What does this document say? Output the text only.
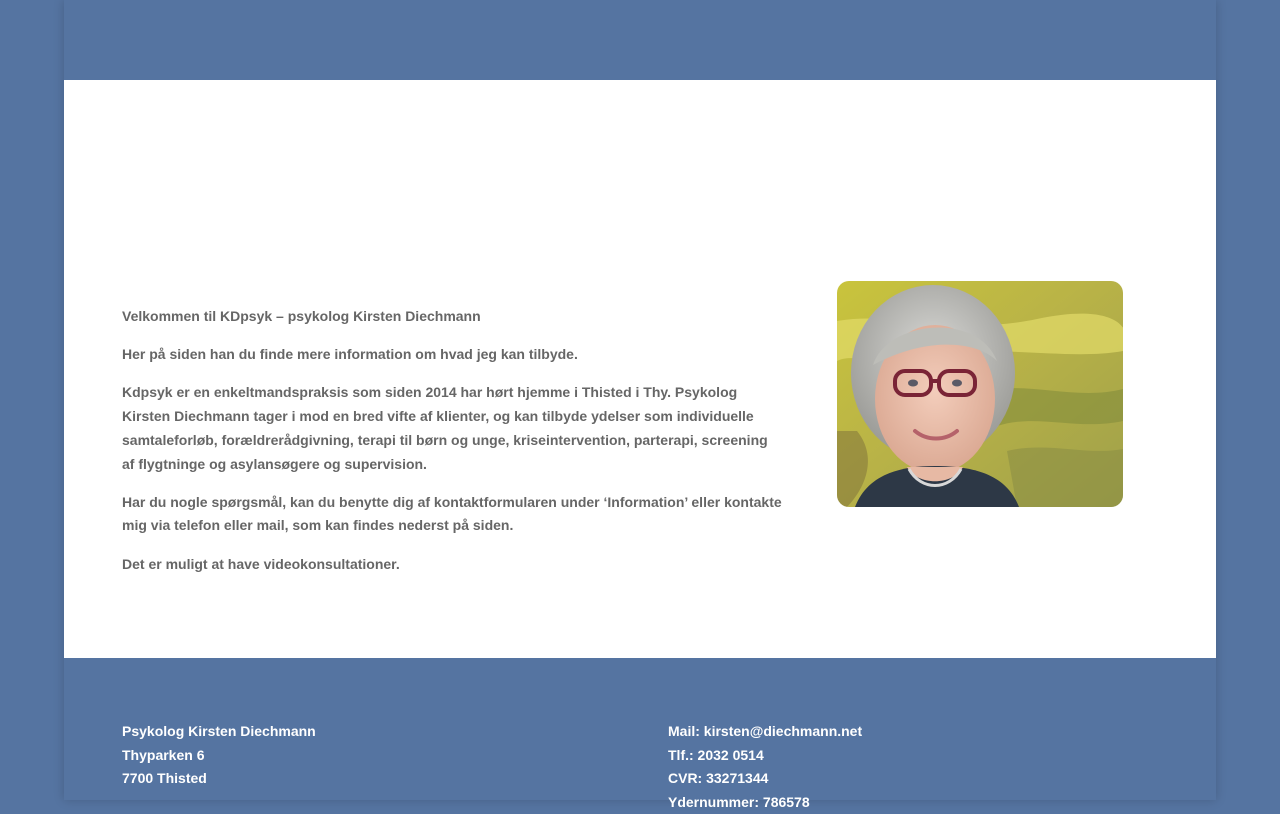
Velkommen til KDpsyk – psykolog Kirsten Diechmann

Her på siden han du finde mere information om hvad jeg kan tilbyde.

Kdpsyk er en enkeltmandspraksis som siden 2014 har hørt hjemme i Thisted i Thy. Psykolog Kirsten Diechmann tager i mod en bred vifte af klienter, og kan tilbyde ydelser som individuelle samtaleforløb, forældrerådgivning, terapi til børn og unge, kriseintervention, parterapi, screening af flygtninge og asylansøgere og supervision.

Har du nogle spørgsmål, kan du benytte dig af kontaktformularen under ‘Information’ eller kontakte mig via telefon eller mail, som kan findes nederst på siden.

Det er muligt at have videokonsultationer.

Psykolog Kirsten Diechmann
Thyparken 6
7700 Thisted
Mail: kirsten@diechmann.net
Tlf.: 2032 0514
CVR: 33271344
Ydernummer: 786578
